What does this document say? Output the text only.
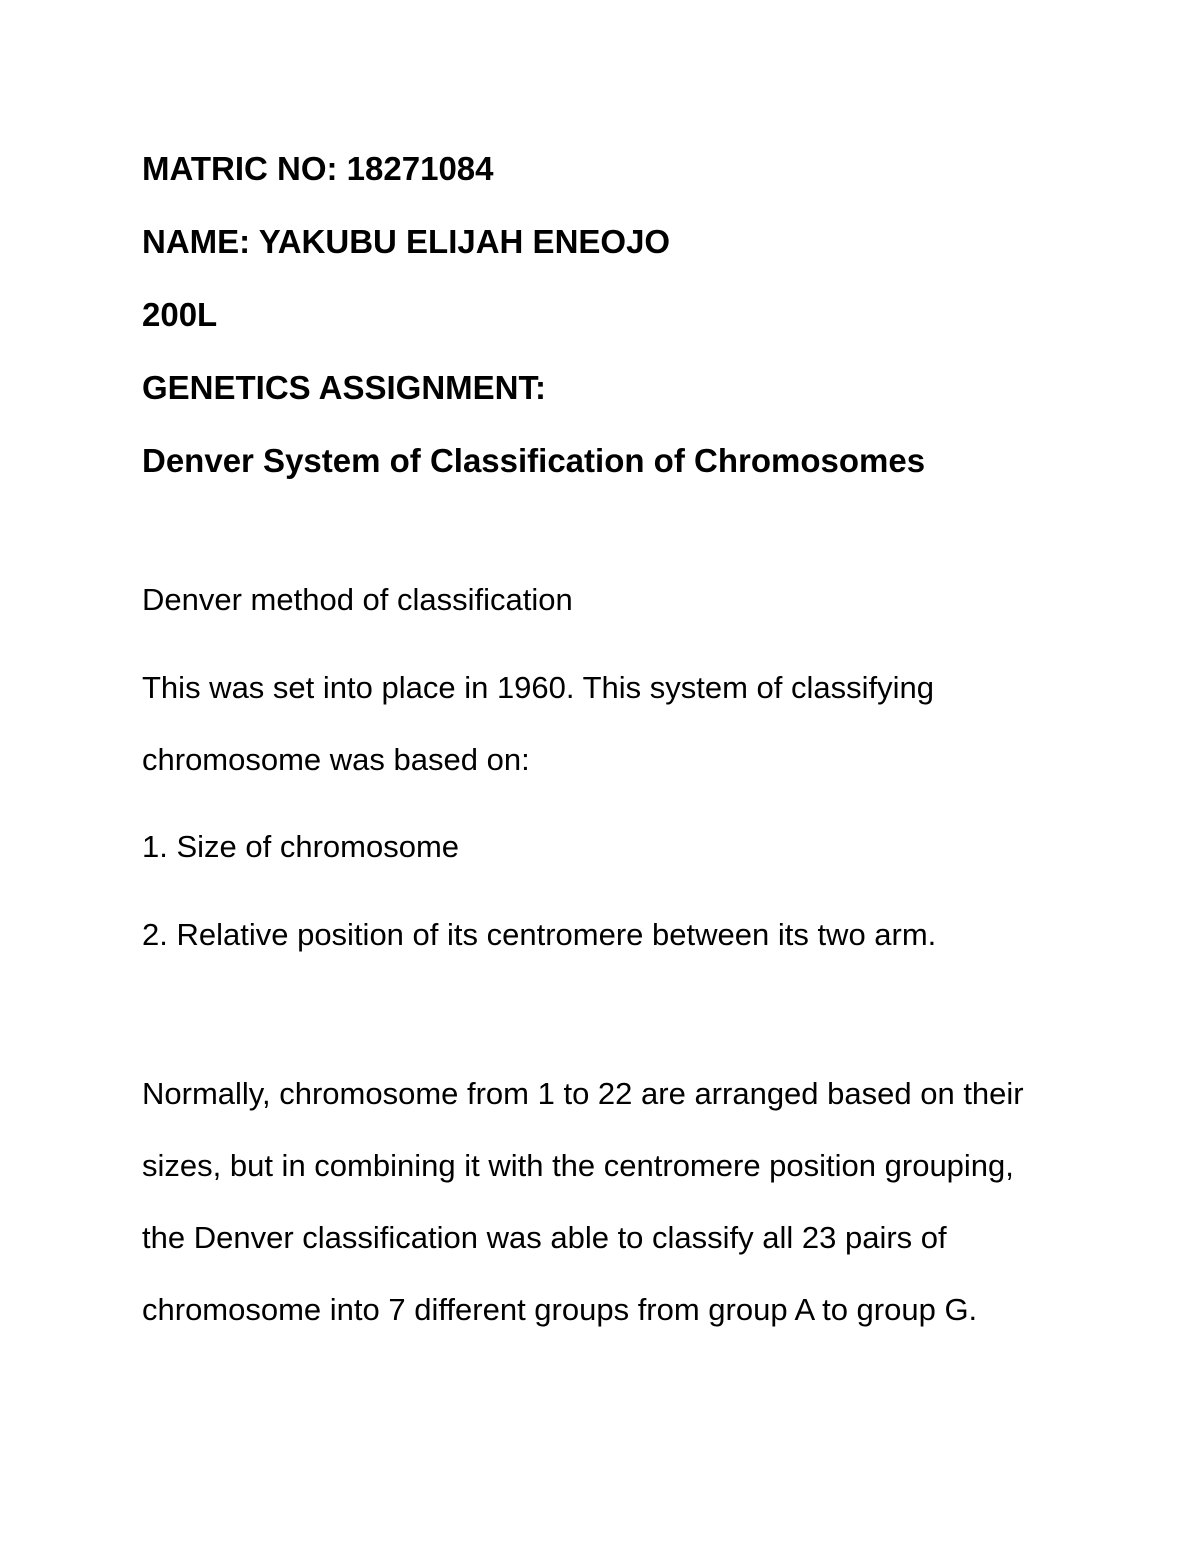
MATRIC NO: 18271084
NAME: YAKUBU ELIJAH ENEOJO
200L
GENETICS ASSIGNMENT:
Denver System of Classification of Chromosomes

Denver method of classification

This was set into place in 1960. This system of classifying chromosome was based on:

1. Size of chromosome

2. Relative position of its centromere between its two arm.

Normally, chromosome from 1 to 22 are arranged based on their sizes, but in combining it with the centromere position grouping, the Denver classification was able to classify all 23 pairs of chromosome into 7 different groups from group A to group G.
